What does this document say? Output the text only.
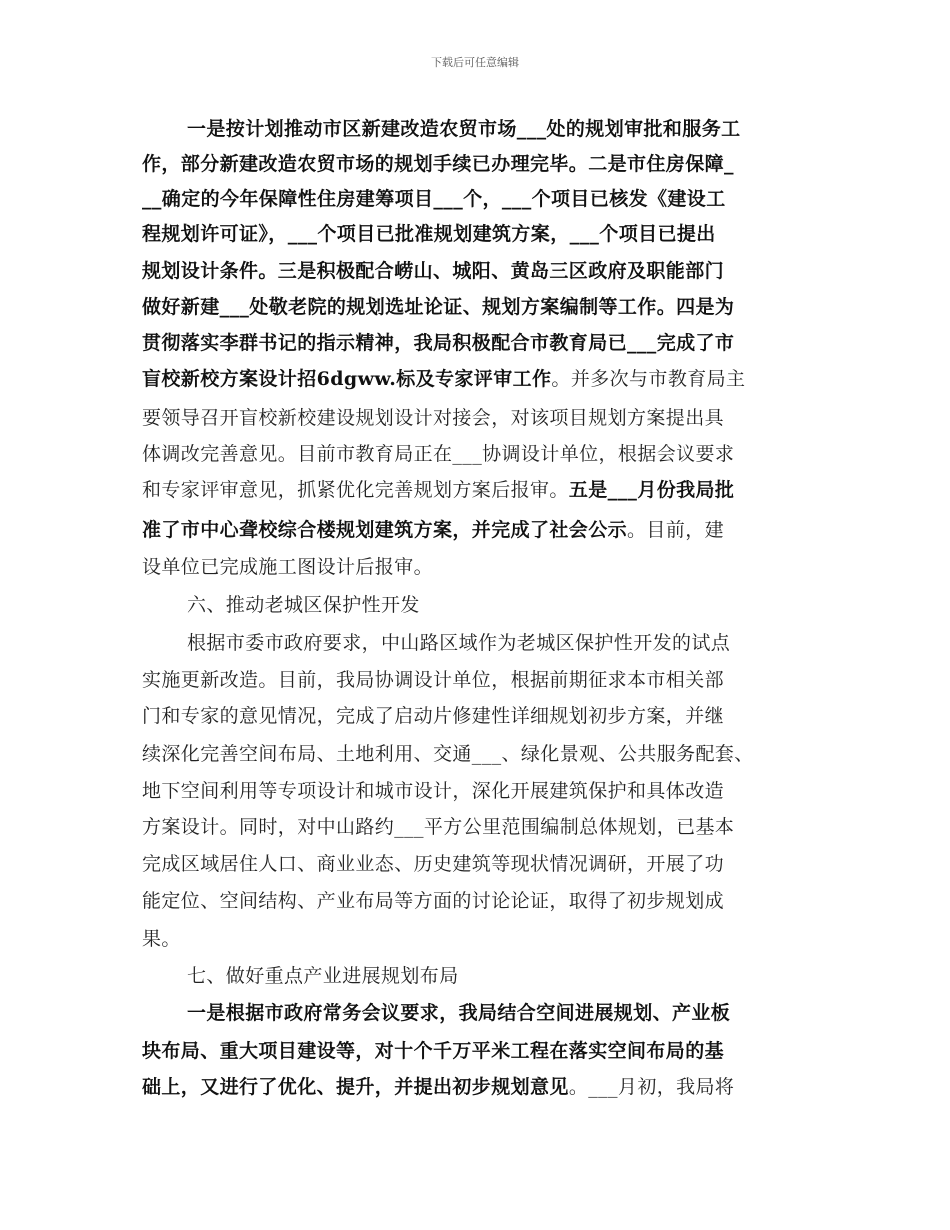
下载后可任意编辑
一是按计划推动市区新建改造农贸市场___处的规划审批和服务工
作，部分新建改造农贸市场的规划手续已办理完毕。二是市住房保障_
__确定的今年保障性住房建筹项目___个，___个项目已核发《建设工
程规划许可证》，___个项目已批准规划建筑方案，___个项目已提出
规划设计条件。三是积极配合崂山、城阳、黄岛三区政府及职能部门
做好新建___处敬老院的规划选址论证、规划方案编制等工作。四是为
贯彻落实李群书记的指示精神，我局积极配合市教育局已___完成了市
盲校新校方案设计招6dgww.标及专家评审工作。并多次与市教育局主
要领导召开盲校新校建设规划设计对接会，对该项目规划方案提出具
体调改完善意见。目前市教育局正在___协调设计单位，根据会议要求
和专家评审意见，抓紧优化完善规划方案后报审。五是___月份我局批
准了市中心聋校综合楼规划建筑方案，并完成了社会公示。目前，建
设单位已完成施工图设计后报审。
六、推动老城区保护性开发
根据市委市政府要求，中山路区域作为老城区保护性开发的试点
实施更新改造。目前，我局协调设计单位，根据前期征求本市相关部
门和专家的意见情况，完成了启动片修建性详细规划初步方案，并继
续深化完善空间布局、土地利用、交通___、绿化景观、公共服务配套、
地下空间利用等专项设计和城市设计，深化开展建筑保护和具体改造
方案设计。同时，对中山路约___平方公里范围编制总体规划，已基本
完成区域居住人口、商业业态、历史建筑等现状情况调研，开展了功
能定位、空间结构、产业布局等方面的讨论论证，取得了初步规划成
果。
七、做好重点产业进展规划布局
一是根据市政府常务会议要求，我局结合空间进展规划、产业板
块布局、重大项目建设等，对十个千万平米工程在落实空间布局的基
础上，又进行了优化、提升，并提出初步规划意见。___月初，我局将
